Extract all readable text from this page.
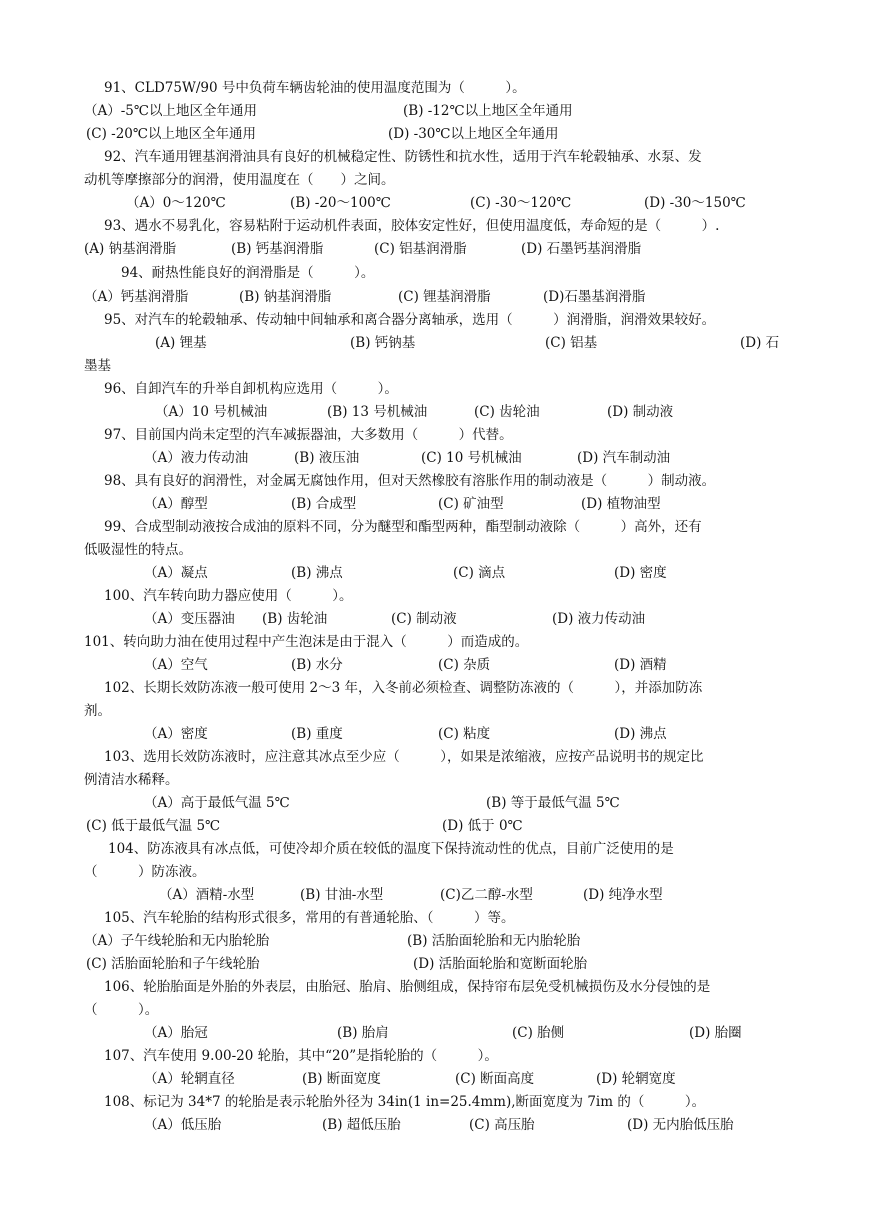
91、CLD75W/90 号中负荷车辆齿轮油的使用温度范围为（　　　）。
（A）-5℃以上地区全年通用	(B) -12℃以上地区全年通用
(C) -20℃以上地区全年通用	(D) -30℃以上地区全年通用
92、汽车通用锂基润滑油具有良好的机械稳定性、防锈性和抗水性，适用于汽车轮毂轴承、水泵、发
动机等摩擦部分的润滑，使用温度在（　　）之间。
（A）0～120℃	(B) -20～100℃	(C) -30～120℃	(D) -30～150℃
93、遇水不易乳化，容易粘附于运动机件表面，胶体安定性好，但使用温度低，寿命短的是（　　　）.
(A) 钠基润滑脂	(B) 钙基润滑脂	(C) 铝基润滑脂	(D) 石墨钙基润滑脂
94、耐热性能良好的润滑脂是（　　　）。
（A）钙基润滑脂	(B) 钠基润滑脂	(C) 锂基润滑脂	(D)石墨基润滑脂
95、对汽车的轮毂轴承、传动轴中间轴承和离合器分离轴承，选用（　　　）润滑脂，润滑效果较好。
(A) 锂基	(B) 钙钠基	(C) 铝基	(D) 石
墨基
96、自卸汽车的升举自卸机构应选用（　　　）。
（A）10 号机械油	(B) 13 号机械油	(C) 齿轮油	(D) 制动液
97、目前国内尚未定型的汽车减振器油，大多数用（　　　）代替。
（A）液力传动油	(B) 液压油	(C) 10 号机械油	(D) 汽车制动油
98、具有良好的润滑性，对金属无腐蚀作用，但对天然橡胶有溶胀作用的制动液是（　　　）制动液。
（A）醇型	(B) 合成型	(C) 矿油型	(D) 植物油型
99、合成型制动液按合成油的原料不同，分为醚型和酯型两种，酯型制动液除（　　　）高外，还有
低吸湿性的特点。
（A）凝点	(B) 沸点	(C) 滴点	(D) 密度
100、汽车转向助力器应使用（　　　）。
（A）变压器油 (B) 齿轮油	(C) 制动液	(D) 液力传动油
101、转向助力油在使用过程中产生泡沫是由于混入（　　　）而造成的。
（A）空气	(B) 水分	(C) 杂质	(D) 酒精
102、长期长效防冻液一般可使用 2～3 年，入冬前必须检查、调整防冻液的（　　　），并添加防冻
剂。
（A）密度	(B) 重度	(C) 粘度	(D) 沸点
103、选用长效防冻液时，应注意其冰点至少应（　　　），如果是浓缩液，应按产品说明书的规定比
例清洁水稀释。
（A）高于最低气温 5℃	(B) 等于最低气温 5℃
(C) 低于最低气温 5℃	(D) 低于 0℃
104、防冻液具有冰点低，可使冷却介质在较低的温度下保持流动性的优点，目前广泛使用的是
（　　　）防冻液。
（A）酒精-水型	(B) 甘油-水型	(C)乙二醇-水型	(D) 纯净水型
105、汽车轮胎的结构形式很多，常用的有普通轮胎、（　　　）等。
（A）子午线轮胎和无内胎轮胎	(B) 活胎面轮胎和无内胎轮胎
(C) 活胎面轮胎和子午线轮胎	(D) 活胎面轮胎和宽断面轮胎
106、轮胎胎面是外胎的外表层，由胎冠、胎肩、胎侧组成，保持帘布层免受机械损伤及水分侵蚀的是
（　　　）。
（A）胎冠	(B) 胎肩	(C) 胎侧	(D) 胎圈
107、汽车使用 9.00-20 轮胎，其中“20”是指轮胎的（　　　）。
（A）轮辋直径	(B) 断面宽度	(C) 断面高度	(D) 轮辋宽度
108、标记为 34*7 的轮胎是表示轮胎外径为 34in(1 in=25.4mm),断面宽度为 7im 的（　　　）。
（A）低压胎	(B) 超低压胎	(C) 高压胎	(D) 无内胎低压胎
